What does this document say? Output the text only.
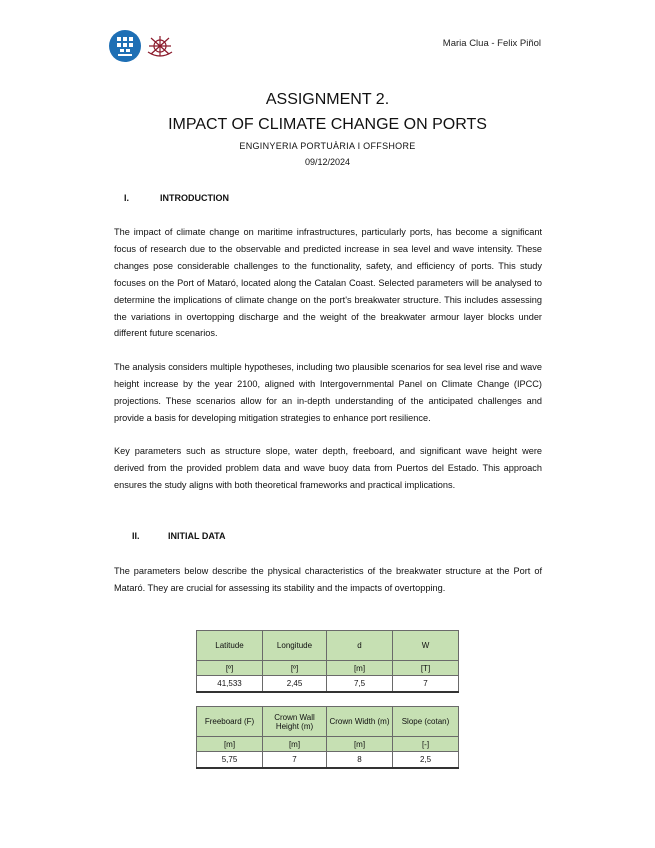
Maria Clua - Felix Piñol
ASSIGNMENT 2.
IMPACT OF CLIMATE CHANGE ON PORTS
ENGINYERIA PORTUÀRIA I OFFSHORE
09/12/2024
I.	INTRODUCTION

The impact of climate change on maritime infrastructures, particularly ports, has become a significant focus of research due to the observable and predicted increase in sea level and wave intensity. These changes pose considerable challenges to the functionality, safety, and efficiency of ports. This study focuses on the Port of Mataró, located along the Catalan Coast. Selected parameters will be analysed to determine the implications of climate change on the port's breakwater structure. This includes assessing the variations in overtopping discharge and the weight of the breakwater armour layer blocks under different future scenarios.

The analysis considers multiple hypotheses, including two plausible scenarios for sea level rise and wave height increase by the year 2100, aligned with Intergovernmental Panel on Climate Change (IPCC) projections. These scenarios allow for an in-depth understanding of the anticipated challenges and provide a basis for developing mitigation strategies to enhance port resilience.

Key parameters such as structure slope, water depth, freeboard, and significant wave height were derived from the provided problem data and wave buoy data from Puertos del Estado. This approach ensures the study aligns with both theoretical frameworks and practical implications.

II.	INITIAL DATA

The parameters below describe the physical characteristics of the breakwater structure at the Port of Mataró. They are crucial for assessing its stability and the impacts of overtopping.

Latitude	Longitude	d	W
[º]	[º]	[m]	[T]
41,533	2,45	7,5	7
Freeboard (F)	Crown Wall Height (m)	Crown Width (m)	Slope (cotan)
[m]	[m]	[m]	[-]
5,75	7	8	2,5
